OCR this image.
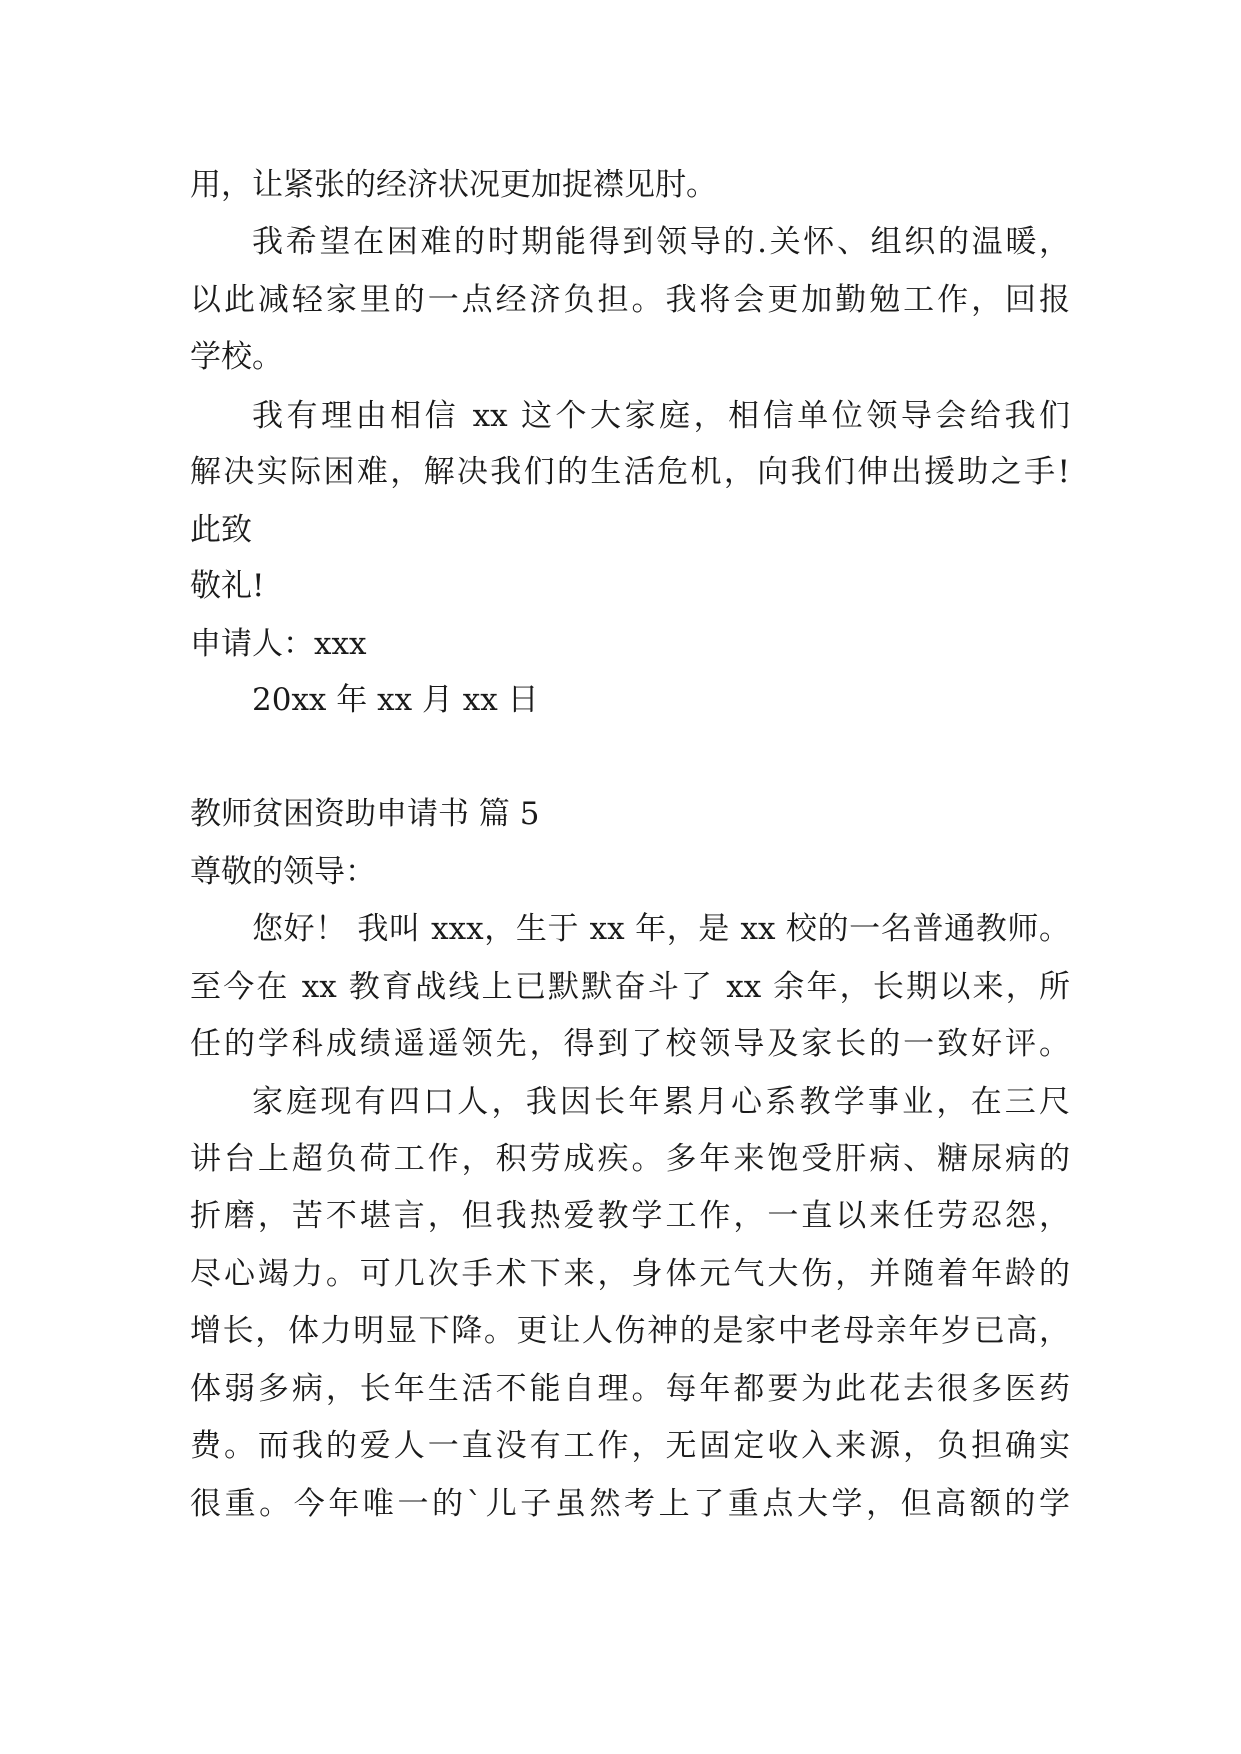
用，让紧张的经济状况更加捉襟见肘。
我希望在困难的时期能得到领导的.关怀、组织的温暖，
以此减轻家里的一点经济负担。我将会更加勤勉工作，回报
学校。
我有理由相信 xx 这个大家庭，相信单位领导会给我们
解决实际困难，解决我们的生活危机，向我们伸出援助之手!
此致
敬礼!
申请人：xxx
20xx 年 xx 月 xx 日
教师贫困资助申请书 篇 5
尊敬的领导：
您好！ 我叫 xxx，生于 xx 年，是 xx 校的一名普通教师。
至今在 xx 教育战线上已默默奋斗了 xx 余年，长期以来，所
任的学科成绩遥遥领先，得到了校领导及家长的一致好评。
家庭现有四口人，我因长年累月心系教学事业，在三尺
讲台上超负荷工作，积劳成疾。多年来饱受肝病、糖尿病的
折磨，苦不堪言，但我热爱教学工作，一直以来任劳忍怨，
尽心竭力。可几次手术下来，身体元气大伤，并随着年龄的
增长，体力明显下降。更让人伤神的是家中老母亲年岁已高，
体弱多病，长年生活不能自理。每年都要为此花去很多医药
费。而我的爱人一直没有工作，无固定收入来源，负担确实
很重。今年唯一的`儿子虽然考上了重点大学，但高额的学
